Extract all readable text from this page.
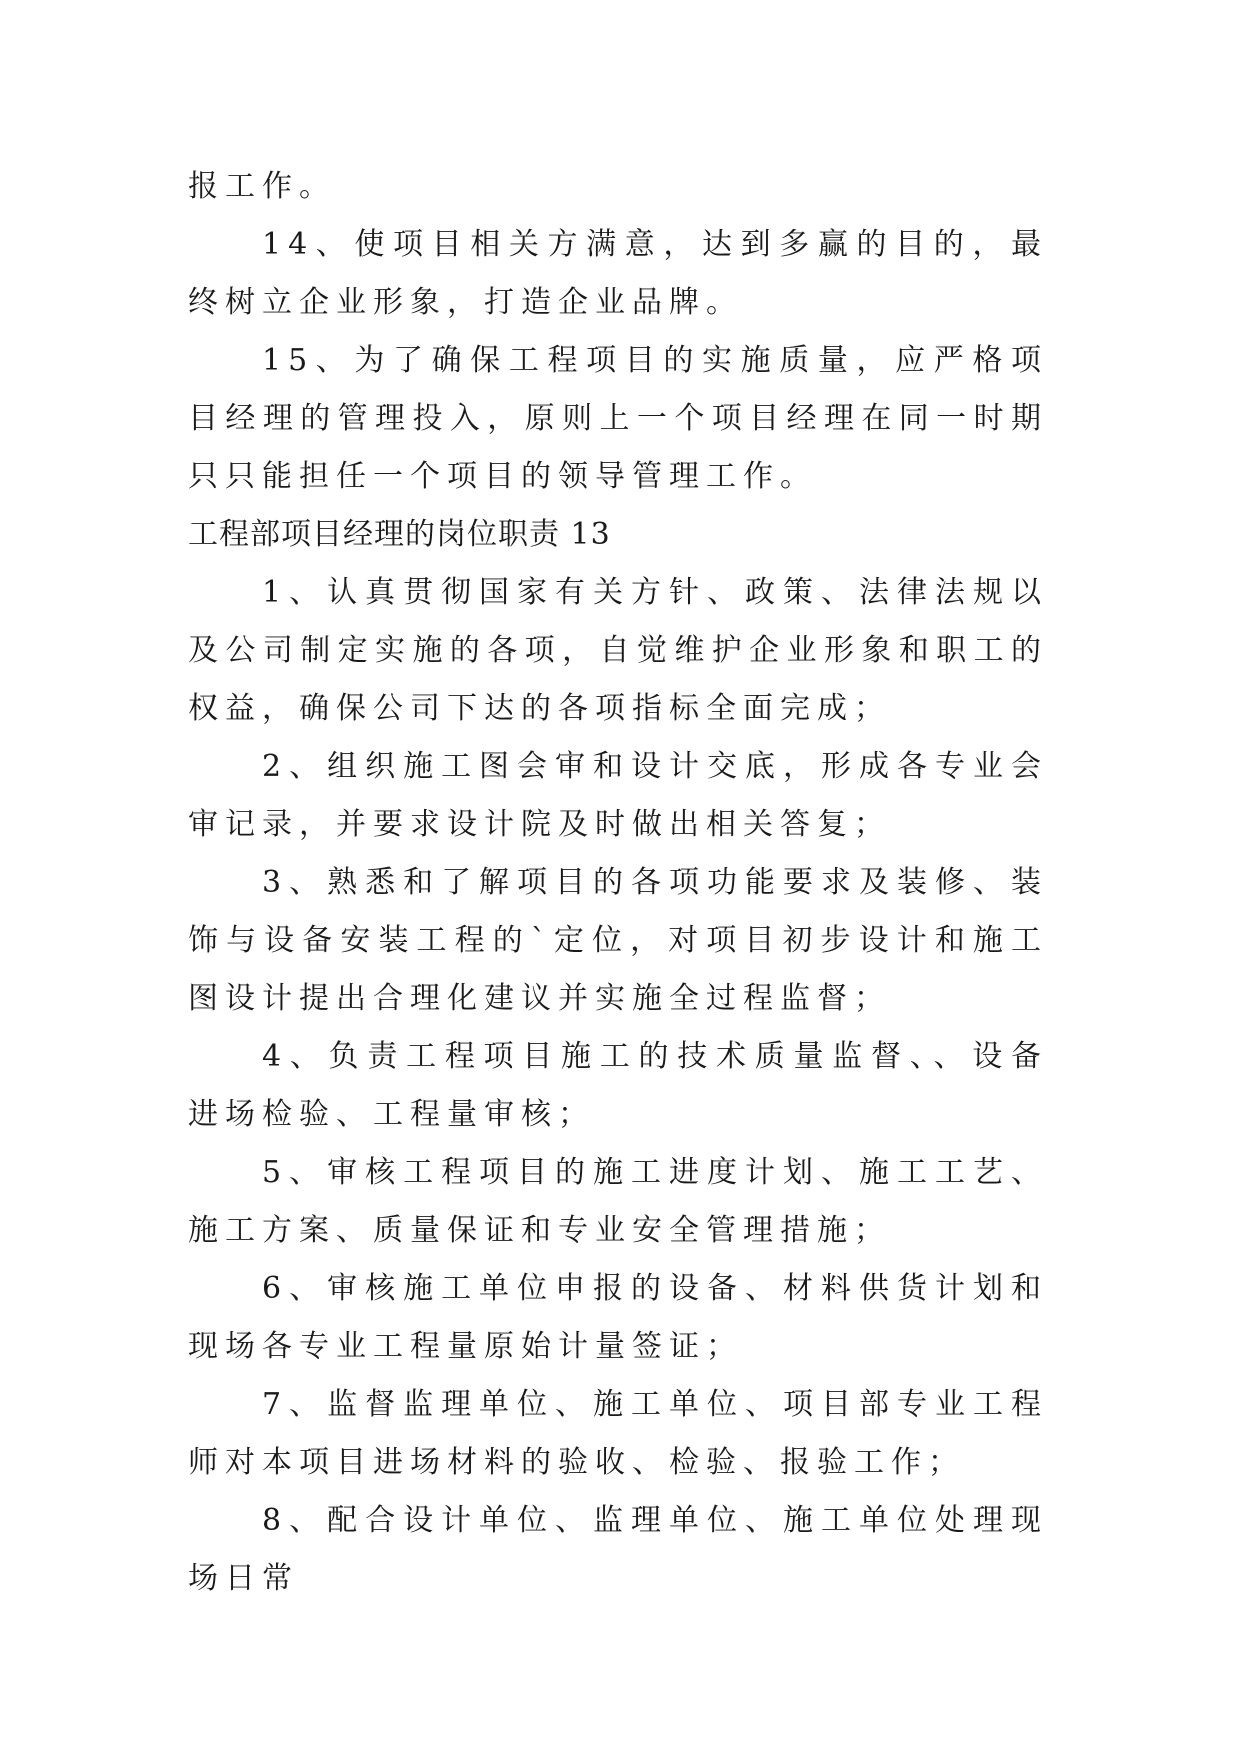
报工作。

14、使项目相关方满意，达到多赢的目的，最终树立企业形象，打造企业品牌。

15、为了确保工程项目的实施质量，应严格项目经理的管理投入，原则上一个项目经理在同一时期只只能担任一个项目的领导管理工作。

工程部项目经理的岗位职责 13

1、认真贯彻国家有关方针、政策、法律法规以及公司制定实施的各项，自觉维护企业形象和职工的权益，确保公司下达的各项指标全面完成；

2、组织施工图会审和设计交底，形成各专业会审记录，并要求设计院及时做出相关答复；

3、熟悉和了解项目的各项功能要求及装修、装饰与设备安装工程的`定位，对项目初步设计和施工图设计提出合理化建议并实施全过程监督；

4、负责工程项目施工的技术质量监督、、设备进场检验、工程量审核；

5、审核工程项目的施工进度计划、施工工艺、施工方案、质量保证和专业安全管理措施；

6、审核施工单位申报的设备、材料供货计划和现场各专业工程量原始计量签证；

7、监督监理单位、施工单位、项目部专业工程师对本项目进场材料的验收、检验、报验工作；

8、配合设计单位、监理单位、施工单位处理现场日常
